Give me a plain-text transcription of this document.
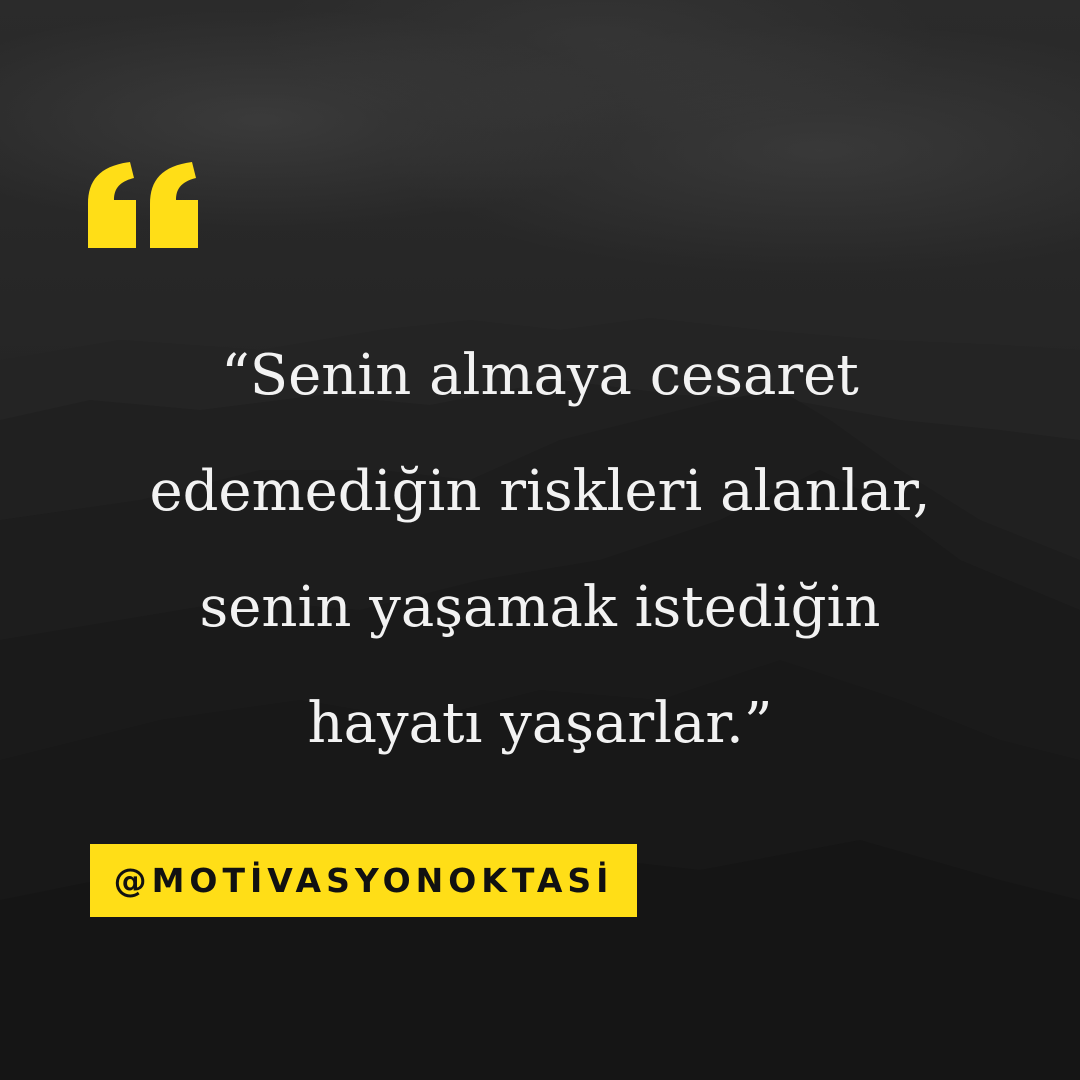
“Senin almaya cesaret
edemediğin riskleri alanlar,
senin yaşamak istediğin
hayatı yaşarlar.”

@MOTİVASYONOKTASİ
